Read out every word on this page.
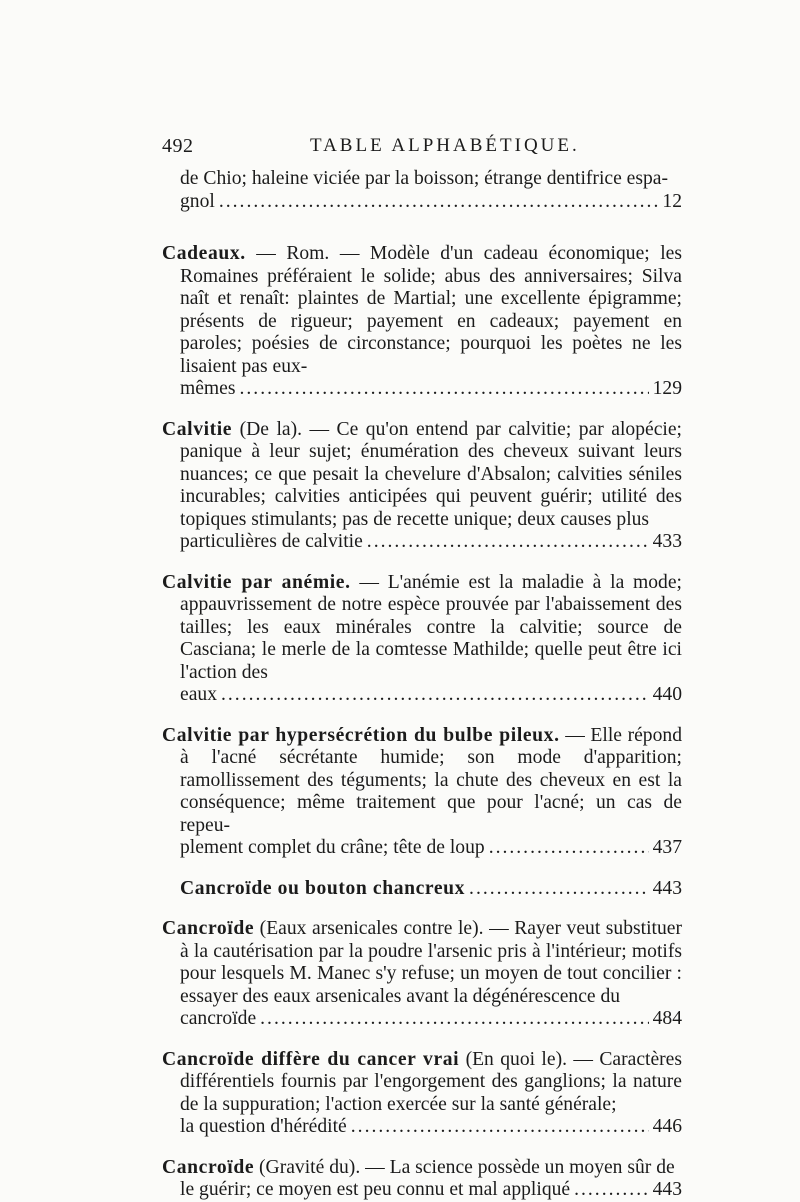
492	TABLE ALPHABÉTIQUE.
de Chio; haleine viciée par la boisson; étrange dentifrice espa-
gnol .....	12
Cadeaux. — Rom. — Modèle d'un cadeau économique; les Romaines préféraient le solide; abus des anniversaires; Silva naît et renaît: plaintes de Martial; une excellente épigramme; présents de rigueur; payement en cadeaux; payement en paroles; poésies de circonstance; pourquoi les poètes ne les lisaient pas eux-
mêmes .....	129
Calvitie (De la). — Ce qu'on entend par calvitie; par alopécie; panique à leur sujet; énumération des cheveux suivant leurs nuances; ce que pesait la chevelure d'Absalon; calvities séniles incurables; calvities anticipées qui peuvent guérir; utilité des topiques stimulants; pas de recette unique; deux causes plus
particulières de calvitie .....	433
Calvitie par anémie. — L'anémie est la maladie à la mode; appauvrissement de notre espèce prouvée par l'abaissement des tailles; les eaux minérales contre la calvitie; source de Casciana; le merle de la comtesse Mathilde; quelle peut être ici l'action des
eaux .....	440
Calvitie par hypersécrétion du bulbe pileux. — Elle répond à l'acné sécrétante humide; son mode d'apparition; ramollissement des téguments; la chute des cheveux en est la conséquence; même traitement que pour l'acné; un cas de repeu-
plement complet du crâne; tête de loup .....	437
Cancroïde ou bouton chancreux .....	443
Cancroïde (Eaux arsenicales contre le). — Rayer veut substituer à la cautérisation par la poudre l'arsenic pris à l'intérieur; motifs pour lesquels M. Manec s'y refuse; un moyen de tout concilier : essayer des eaux arsenicales avant la dégénérescence du
cancroïde .....	484
Cancroïde diffère du cancer vrai (En quoi le). — Caractères différentiels fournis par l'engorgement des ganglions; la nature de la suppuration; l'action exercée sur la santé générale;
la question d'hérédité .....	446
Cancroïde (Gravité du). — La science possède un moyen sûr de
le guérir; ce moyen est peu connu et mal appliqué .....	443
